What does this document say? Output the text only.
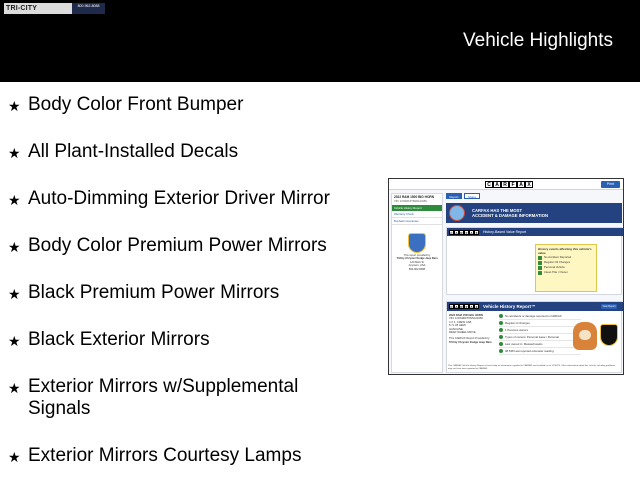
TRI-CITY	800-962-8088
Vehicle Highlights
★ Body Color Front Bumper
★ All Plant-Installed Decals
★ Auto-Dimming Exterior Driver Mirror
★ Body Color Premium Power Mirrors
★ Black Premium Power Mirrors
★ Black Exterior Mirrors
★ Exterior Mirrors w/Supplemental Signals
★ Exterior Mirrors Courtesy Lamps
C A R F A X	Print
2022 RAM 1500 BIG HORN
VIN: 1C6SRFFT6NN123456
Vehicle History Report
Warranty Check
Buyback Guarantee
This report provided by
TriCity Chrysler Dodge Jeep Ram
123 Main St
Anytown, USA
800-962-8088
Report	Share
CARFAX HAS THE MOST
ACCIDENT & DAMAGE INFORMATION
C A R	F A X	History-Based Value Report
History events affecting this vehicle's value
No Accident Reported
Regular Oil Changes
Personal Vehicle
Clean Title / Owner
C A R	F A X	Vehicle History Report™	View Report
2022 RAM 1500 BIG HORN
VIN: 1C6SRFFT6NN123456
4 X 4, CREW CAB
5.7L V8 HEMI
GASOLINE
REAR WHEEL DRIVE
This CARFAX Report Provided by:
TriCity Chrysler Dodge Jeep Ram
No accidents or damage reported to CARFAX
Regular oil changes
1 Previous owners
Types of owners: Personal lease / Personal
Last owned in: Massachusetts
38,538 Last reported odometer reading
This CARFAX Vehicle History Report is based only on information supplied to CARFAX and available as of 11/10/23. Other information about this vehicle, including problems, may not have been reported to CARFAX.
